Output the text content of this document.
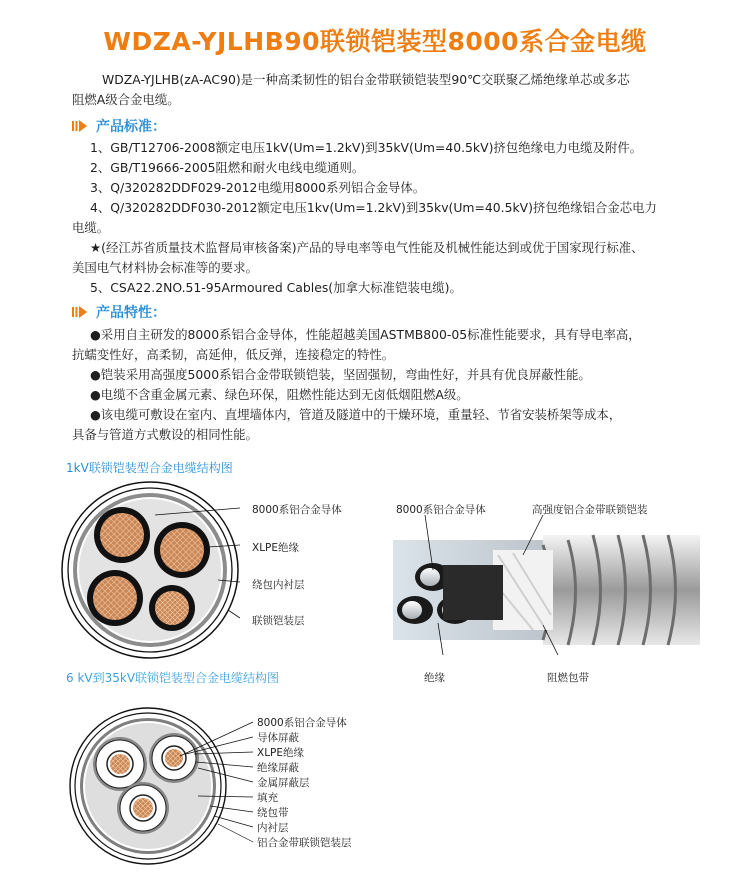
WDZA-YJLHB90联锁铠装型8000系合金电缆
WDZA-YJLHB(zA-AC90)是一种高柔韧性的铝台金带联锁铠装型90℃交联聚乙烯绝缘单芯或多芯
阻燃A级合金电缆。
产品标准：
1、GB/T12706-2008额定电压1kV(Um=1.2kV)到35kV(Um=40.5kV)挤包绝缘电力电缆及附件。
2、GB/T19666-2005阻燃和耐火电线电缆通则。
3、Q/320282DDF029-2012电缆用8000系列铝合金导体。
4、Q/320282DDF030-2012额定电压1kv(Um=1.2kV)到35kv(Um=40.5kV)挤包绝缘铝合金芯电力
电缆。
★(经江苏省质量技术监督局审核备案)产品的导电率等电气性能及机械性能达到或优于国家现行标准、
美国电气材料协会标准等的要求。
5、CSA22.2NO.51-95Armoured Cables(加拿大标准铠装电缆)。
产品特性：
●采用自主研发的8000系铝合金导体，性能超越美国ASTMB800-05标准性能要求，具有导电率高，
抗蠕变性好，高柔韧，高延伸，低反弹，连接稳定的特性。
●铠装采用高强度5000系铝合金带联锁铠装，坚固强韧，弯曲性好，并具有优良屏蔽性能。
●电缆不含重金属元素、绿色环保，阻燃性能达到无卤低烟阻燃A级。
●该电缆可敷设在室内、直埋墙体内，管道及隧道中的干燥环境，重量轻、节省安装桥架等成本，
具备与管道方式敷设的相同性能。
1kV联锁铠装型合金电缆结构图
8000系铝合金导体
XLPE绝缘
绕包内衬层
联锁铠装层
8000系铝合金导体	高强度铝合金带联锁铠装
绝缘	阻燃包带
6 kV到35kV联锁铠装型合金电缆结构图
8000系铝合金导体
导体屏蔽
XLPE绝缘
绝缘屏蔽
金属屏蔽层
填充
绕包带
内衬层
铝合金带联锁铠装层
